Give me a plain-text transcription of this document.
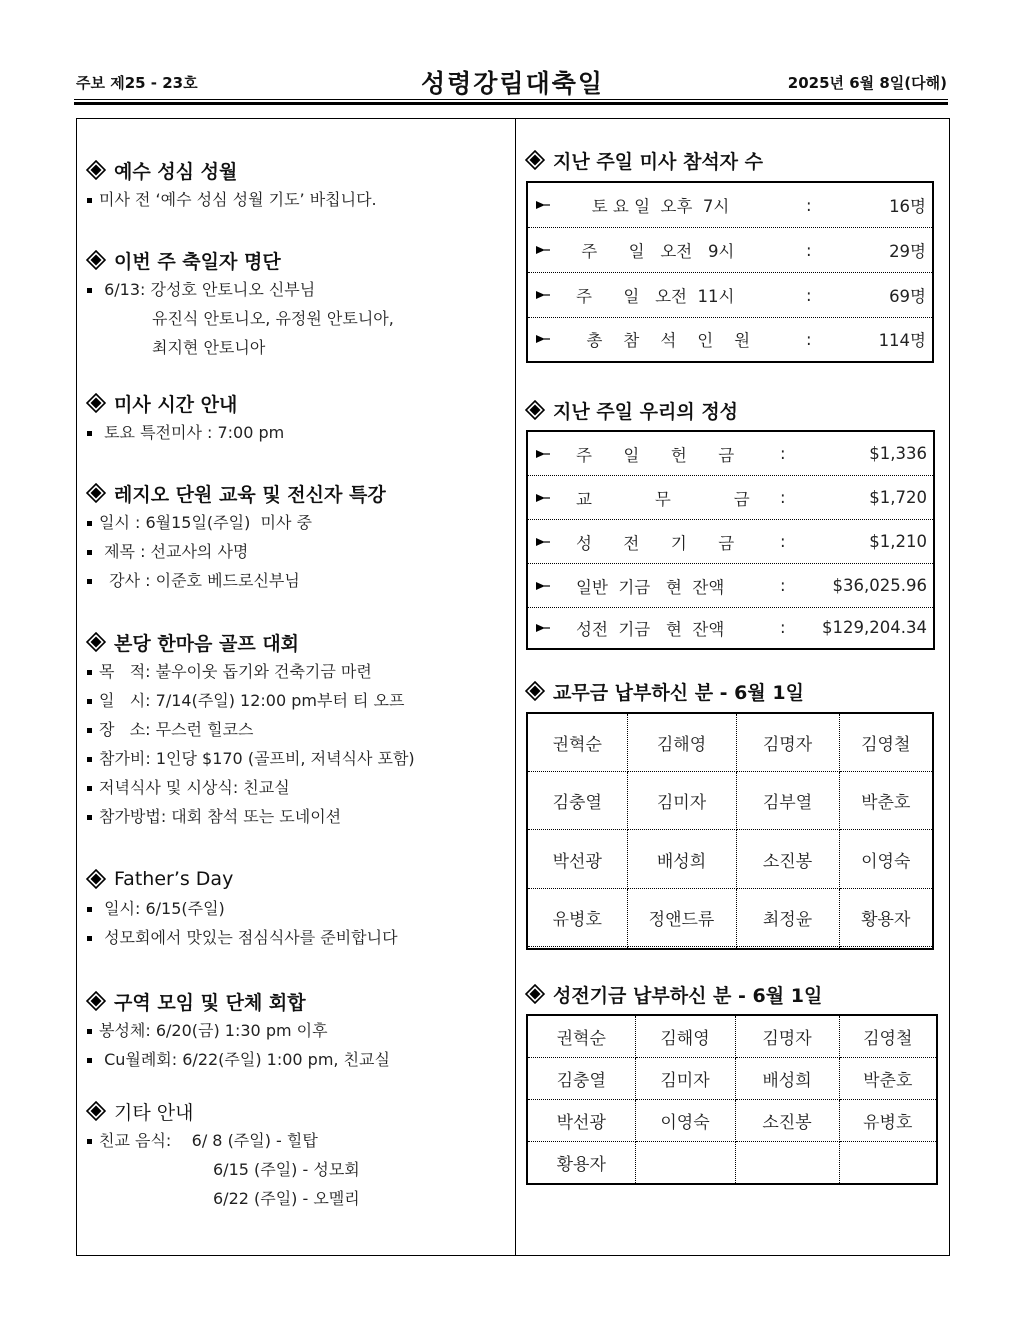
주보 제25 - 23호	성령강림대축일	2025년 6월 8일(다해)
예수 성심 성월
미사 전 ‘예수 성심 성월 기도’ 바칩니다.
이번 주 축일자 명단
6/13: 강성호 안토니오 신부님
유진식 안토니오, 유정원 안토니아,
최지현 안토니아
미사 시간 안내
토요 특전미사 : 7:00 pm
레지오 단원 교육 및 전신자 특강
일시 : 6월15일(주일)  미사 중
제목 : 선교사의 사명
강사 : 이준호 베드로신부님
본당 한마음 골프 대회
목   적: 불우이웃 돕기와 건축기금 마련
일   시: 7/14(주일) 12:00 pm부터 티 오프
장   소: 무스런 힐코스
참가비: 1인당 $170 (골프비, 저녁식사 포함)
저녁식사 및 시상식: 친교실
참가방법: 대회 참석 또는 도네이션
Father’s Day
일시: 6/15(주일)
성모회에서 맛있는 점심식사를 준비합니다
구역 모임 및 단체 회합
봉성체: 6/20(금) 1:30 pm 이후
Cu월례회: 6/22(주일) 1:00 pm, 친교실
기타 안내
친교 음식:    6/ 8 (주일) - 힐탑
6/15 (주일) - 성모회
6/22 (주일) - 오멜리
지난 주일 미사 참석자 수
토 요 일  오후  7시	:	16명
주      일   오전   9시	:	29명
주      일   오전  11시	:	69명
총    참    석    인    원	:	114명
지난 주일 우리의 정성
주      일      헌      금	:	$1,336
교            무            금 :	$1,720
성      전      기      금	:	$1,210
일반  기금   현  잔액	:	$36,025.96
성전  기금   현  잔액	: $129,204.34
교무금 납부하신 분 - 6월 1일
권혁순	김해영	김명자	김영철
김충열	김미자	김부열	박춘호
박선광	배성희	소진봉	이영숙
유병호	정앤드류	최정윤	황용자

성전기금 납부하신 분 - 6월 1일
권혁순	김해영	김명자	김영철
김충열	김미자	배성희	박춘호
박선광	이영숙	소진봉	유병호
황용자			
